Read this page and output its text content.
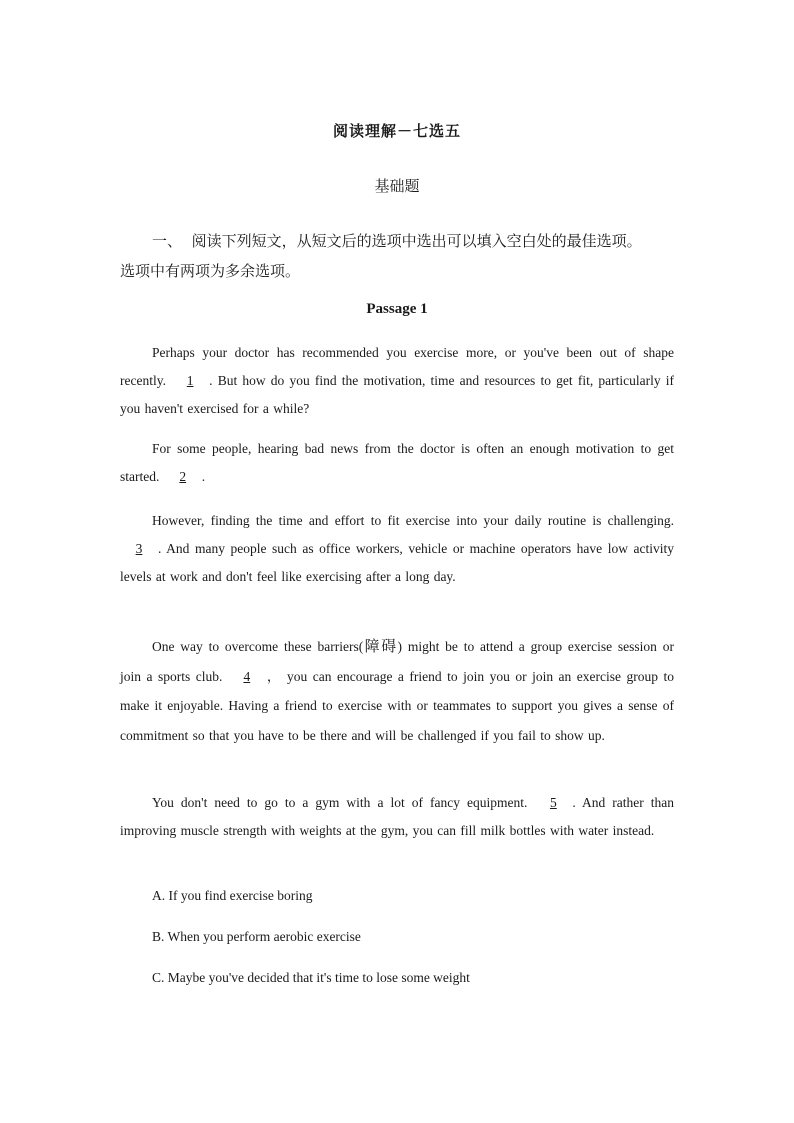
阅读理解－七选五
基础题
一、 阅读下列短文，从短文后的选项中选出可以填入空白处的最佳选项。
选项中有两项为多余选项。
Passage 1
Perhaps your doctor has recommended you exercise more, or you've been out of shape recently. 1 . But how do you find the motivation, time and resources to get fit, particularly if you haven't exercised for a while?
For some people, hearing bad news from the doctor is often an enough motivation to get started. 2 .
However, finding the time and effort to fit exercise into your daily routine is challenging. 3 . And many people such as office workers, vehicle or machine operators have low activity levels at work and don't feel like exercising after a long day.
One way to overcome these barriers(障碍) might be to attend a group exercise session or join a sports club. 4 ， you can encourage a friend to join you or join an exercise group to make it enjoyable. Having a friend to exercise with or teammates to support you gives a sense of commitment so that you have to be there and will be challenged if you fail to show up.
You don't need to go to a gym with a lot of fancy equipment. 5 . And rather than improving muscle strength with weights at the gym, you can fill milk bottles with water instead.
A. If you find exercise boring
B. When you perform aerobic exercise
C. Maybe you've decided that it's time to lose some weight
